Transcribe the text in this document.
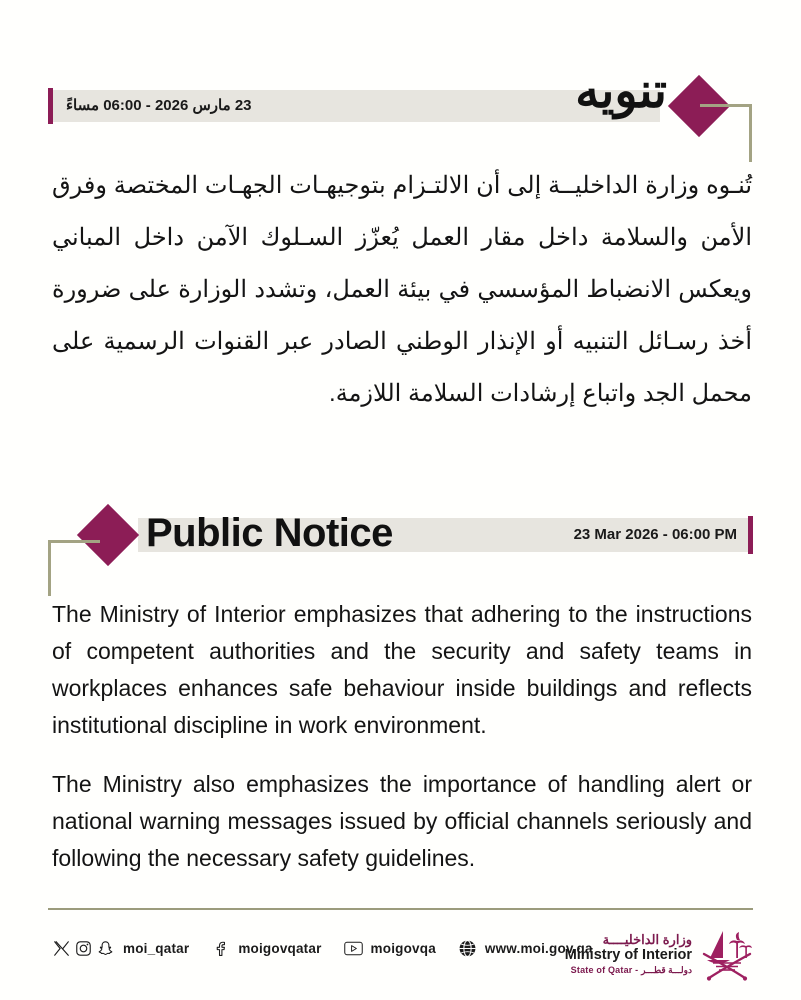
23 مارس 2026 - 06:00 مساءً	تنويه
تُنـوه وزارة الداخليــة إلى أن الالتـزام بتوجيهـات الجهـات المختصة وفرق الأمن والسلامة داخل مقار العمل يُعزّز السـلوك الآمن داخل المباني ويعكس الانضباط المؤسسي في بيئة العمل، وتشدد الوزارة على ضرورة أخذ رسـائل التنبيه أو الإنذار الوطني الصادر عبر القنوات الرسمية على محمل الجد واتباع إرشادات السلامة اللازمة.
Public Notice	23 Mar 2026 - 06:00 PM

The Ministry of Interior emphasizes that adhering to the instructions of competent authorities and the security and safety teams in workplaces enhances safe behaviour inside buildings and reflects institutional discipline in work environment.

The Ministry also emphasizes the importance of handling alert or national warning messages issued by official channels seriously and following the necessary safety guidelines.

moi_qatar	moigovqatar	moigovqa	www.moi.gov.qa
وزارة الداخليــــة
Ministry of Interior
State of Qatar - دولـــة قطـــر
